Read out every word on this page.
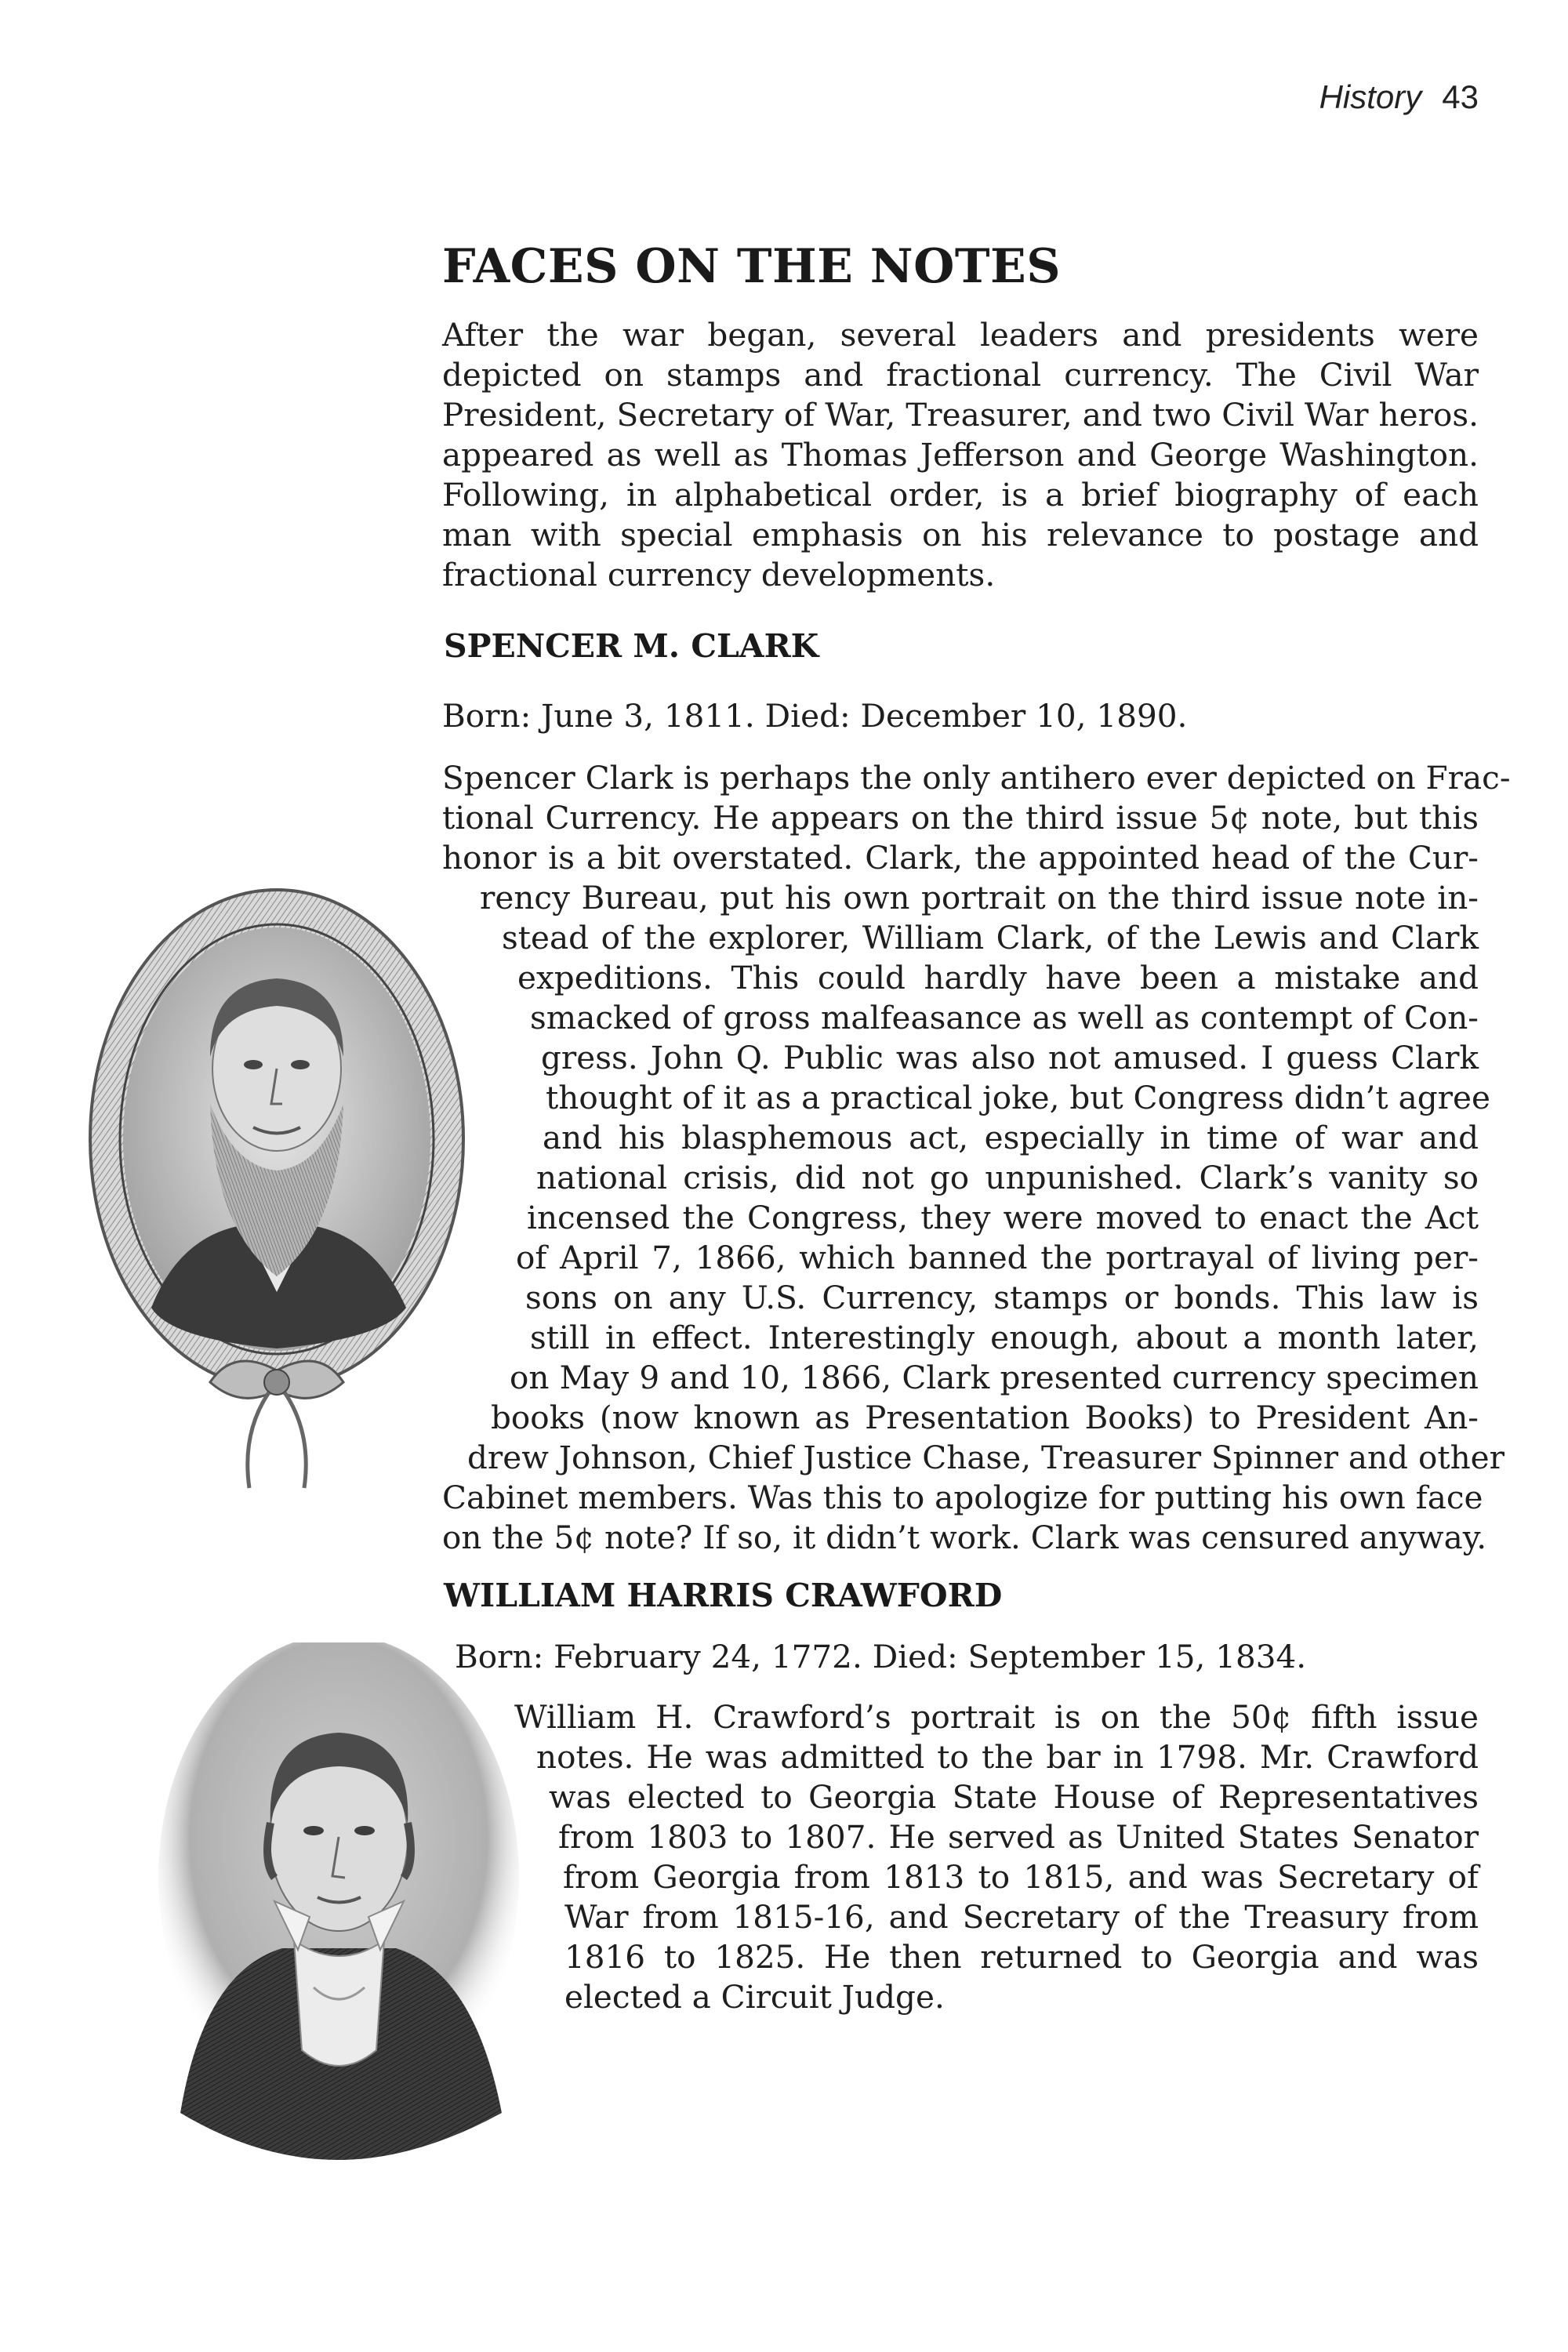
History 43
FACES ON THE NOTES

After the war began, several leaders and presidents were depicted on stamps and fractional currency. The Civil War President, Secretary of War, Treasurer, and two Civil War heros. appeared as well as Thomas Jefferson and George Washington. Following, in alphabetical order, is a brief biography of each man with special emphasis on his relevance to postage and fractional currency developments.

SPENCER M. CLARK

Born: June 3, 1811. Died: December 10, 1890.

Spencer Clark is perhaps the only antihero ever depicted on Frac-

tional Currency. He appears on the third issue 5¢ note, but this

honor is a bit overstated. Clark, the appointed head of the Cur-

rency Bureau, put his own portrait on the third issue note in-

stead of the explorer, William Clark, of the Lewis and Clark

expeditions. This could hardly have been a mistake and

smacked of gross malfeasance as well as contempt of Con-

gress. John Q. Public was also not amused. I guess Clark

thought of it as a practical joke, but Congress didn’t agree

and his blasphemous act, especially in time of war and

national crisis, did not go unpunished. Clark’s vanity so

incensed the Congress, they were moved to enact the Act

of April 7, 1866, which banned the portrayal of living per-

sons on any U.S. Currency, stamps or bonds. This law is

still in effect. Interestingly enough, about a month later,

on May 9 and 10, 1866, Clark presented currency specimen

books (now known as Presentation Books) to President An-

drew Johnson, Chief Justice Chase, Treasurer Spinner and other

Cabinet members. Was this to apologize for putting his own face

on the 5¢ note? If so, it didn’t work. Clark was censured anyway.

WILLIAM HARRIS CRAWFORD

Born: February 24, 1772. Died: September 15, 1834.

William H. Crawford’s portrait is on the 50¢ fifth issue

notes. He was admitted to the bar in 1798. Mr. Crawford

was elected to Georgia State House of Representatives

from 1803 to 1807. He served as United States Senator

from Georgia from 1813 to 1815, and was Secretary of

War from 1815-16, and Secretary of the Treasury from

1816 to 1825. He then returned to Georgia and was

elected a Circuit Judge.
